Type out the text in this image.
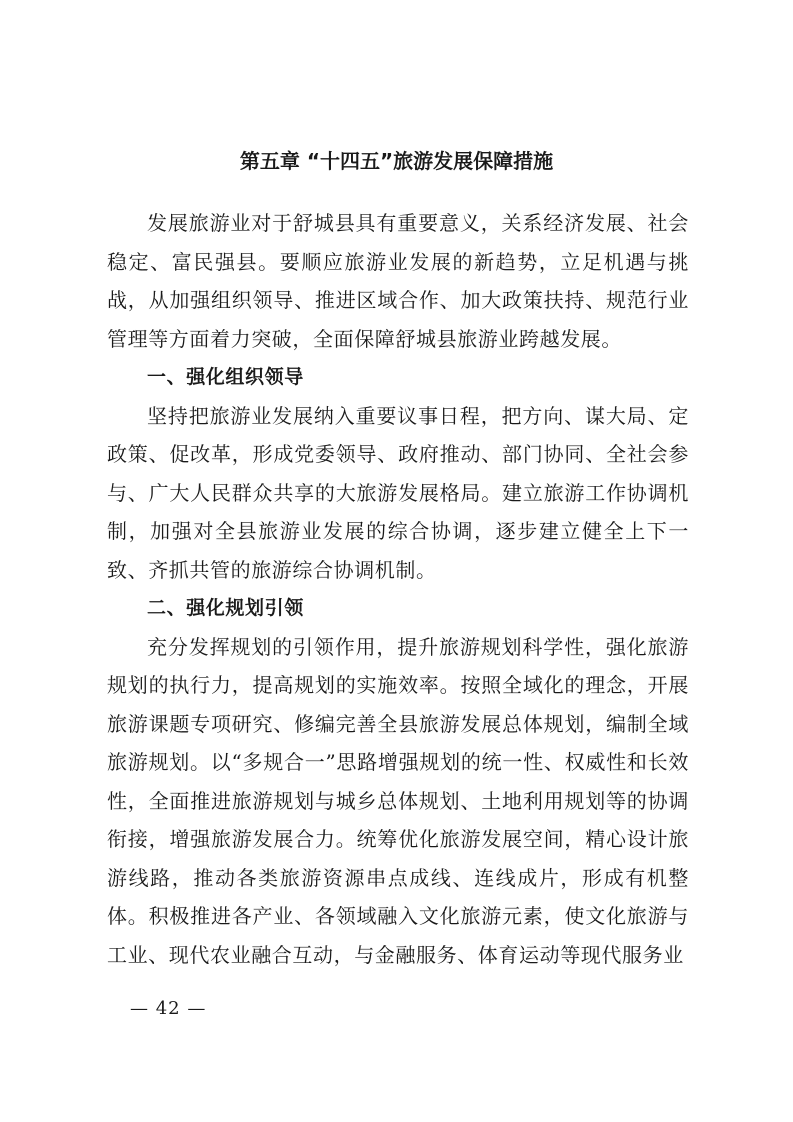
第五章 “十四五”旅游发展保障措施

发展旅游业对于舒城县具有重要意义，关系经济发展、社会稳定、富民强县。要顺应旅游业发展的新趋势，立足机遇与挑战，从加强组织领导、推进区域合作、加大政策扶持、规范行业管理等方面着力突破，全面保障舒城县旅游业跨越发展。

一、强化组织领导

坚持把旅游业发展纳入重要议事日程，把方向、谋大局、定政策、促改革，形成党委领导、政府推动、部门协同、全社会参与、广大人民群众共享的大旅游发展格局。建立旅游工作协调机制，加强对全县旅游业发展的综合协调，逐步建立健全上下一致、齐抓共管的旅游综合协调机制。

二、强化规划引领

充分发挥规划的引领作用，提升旅游规划科学性，强化旅游规划的执行力，提高规划的实施效率。按照全域化的理念，开展旅游课题专项研究、修编完善全县旅游发展总体规划，编制全域旅游规划。以“多规合一”思路增强规划的统一性、权威性和长效性，全面推进旅游规划与城乡总体规划、土地利用规划等的协调衔接，增强旅游发展合力。统筹优化旅游发展空间，精心设计旅游线路，推动各类旅游资源串点成线、连线成片，形成有机整体。积极推进各产业、各领域融入文化旅游元素，使文化旅游与工业、现代农业融合互动，与金融服务、体育运动等现代服务业

— 42 —
